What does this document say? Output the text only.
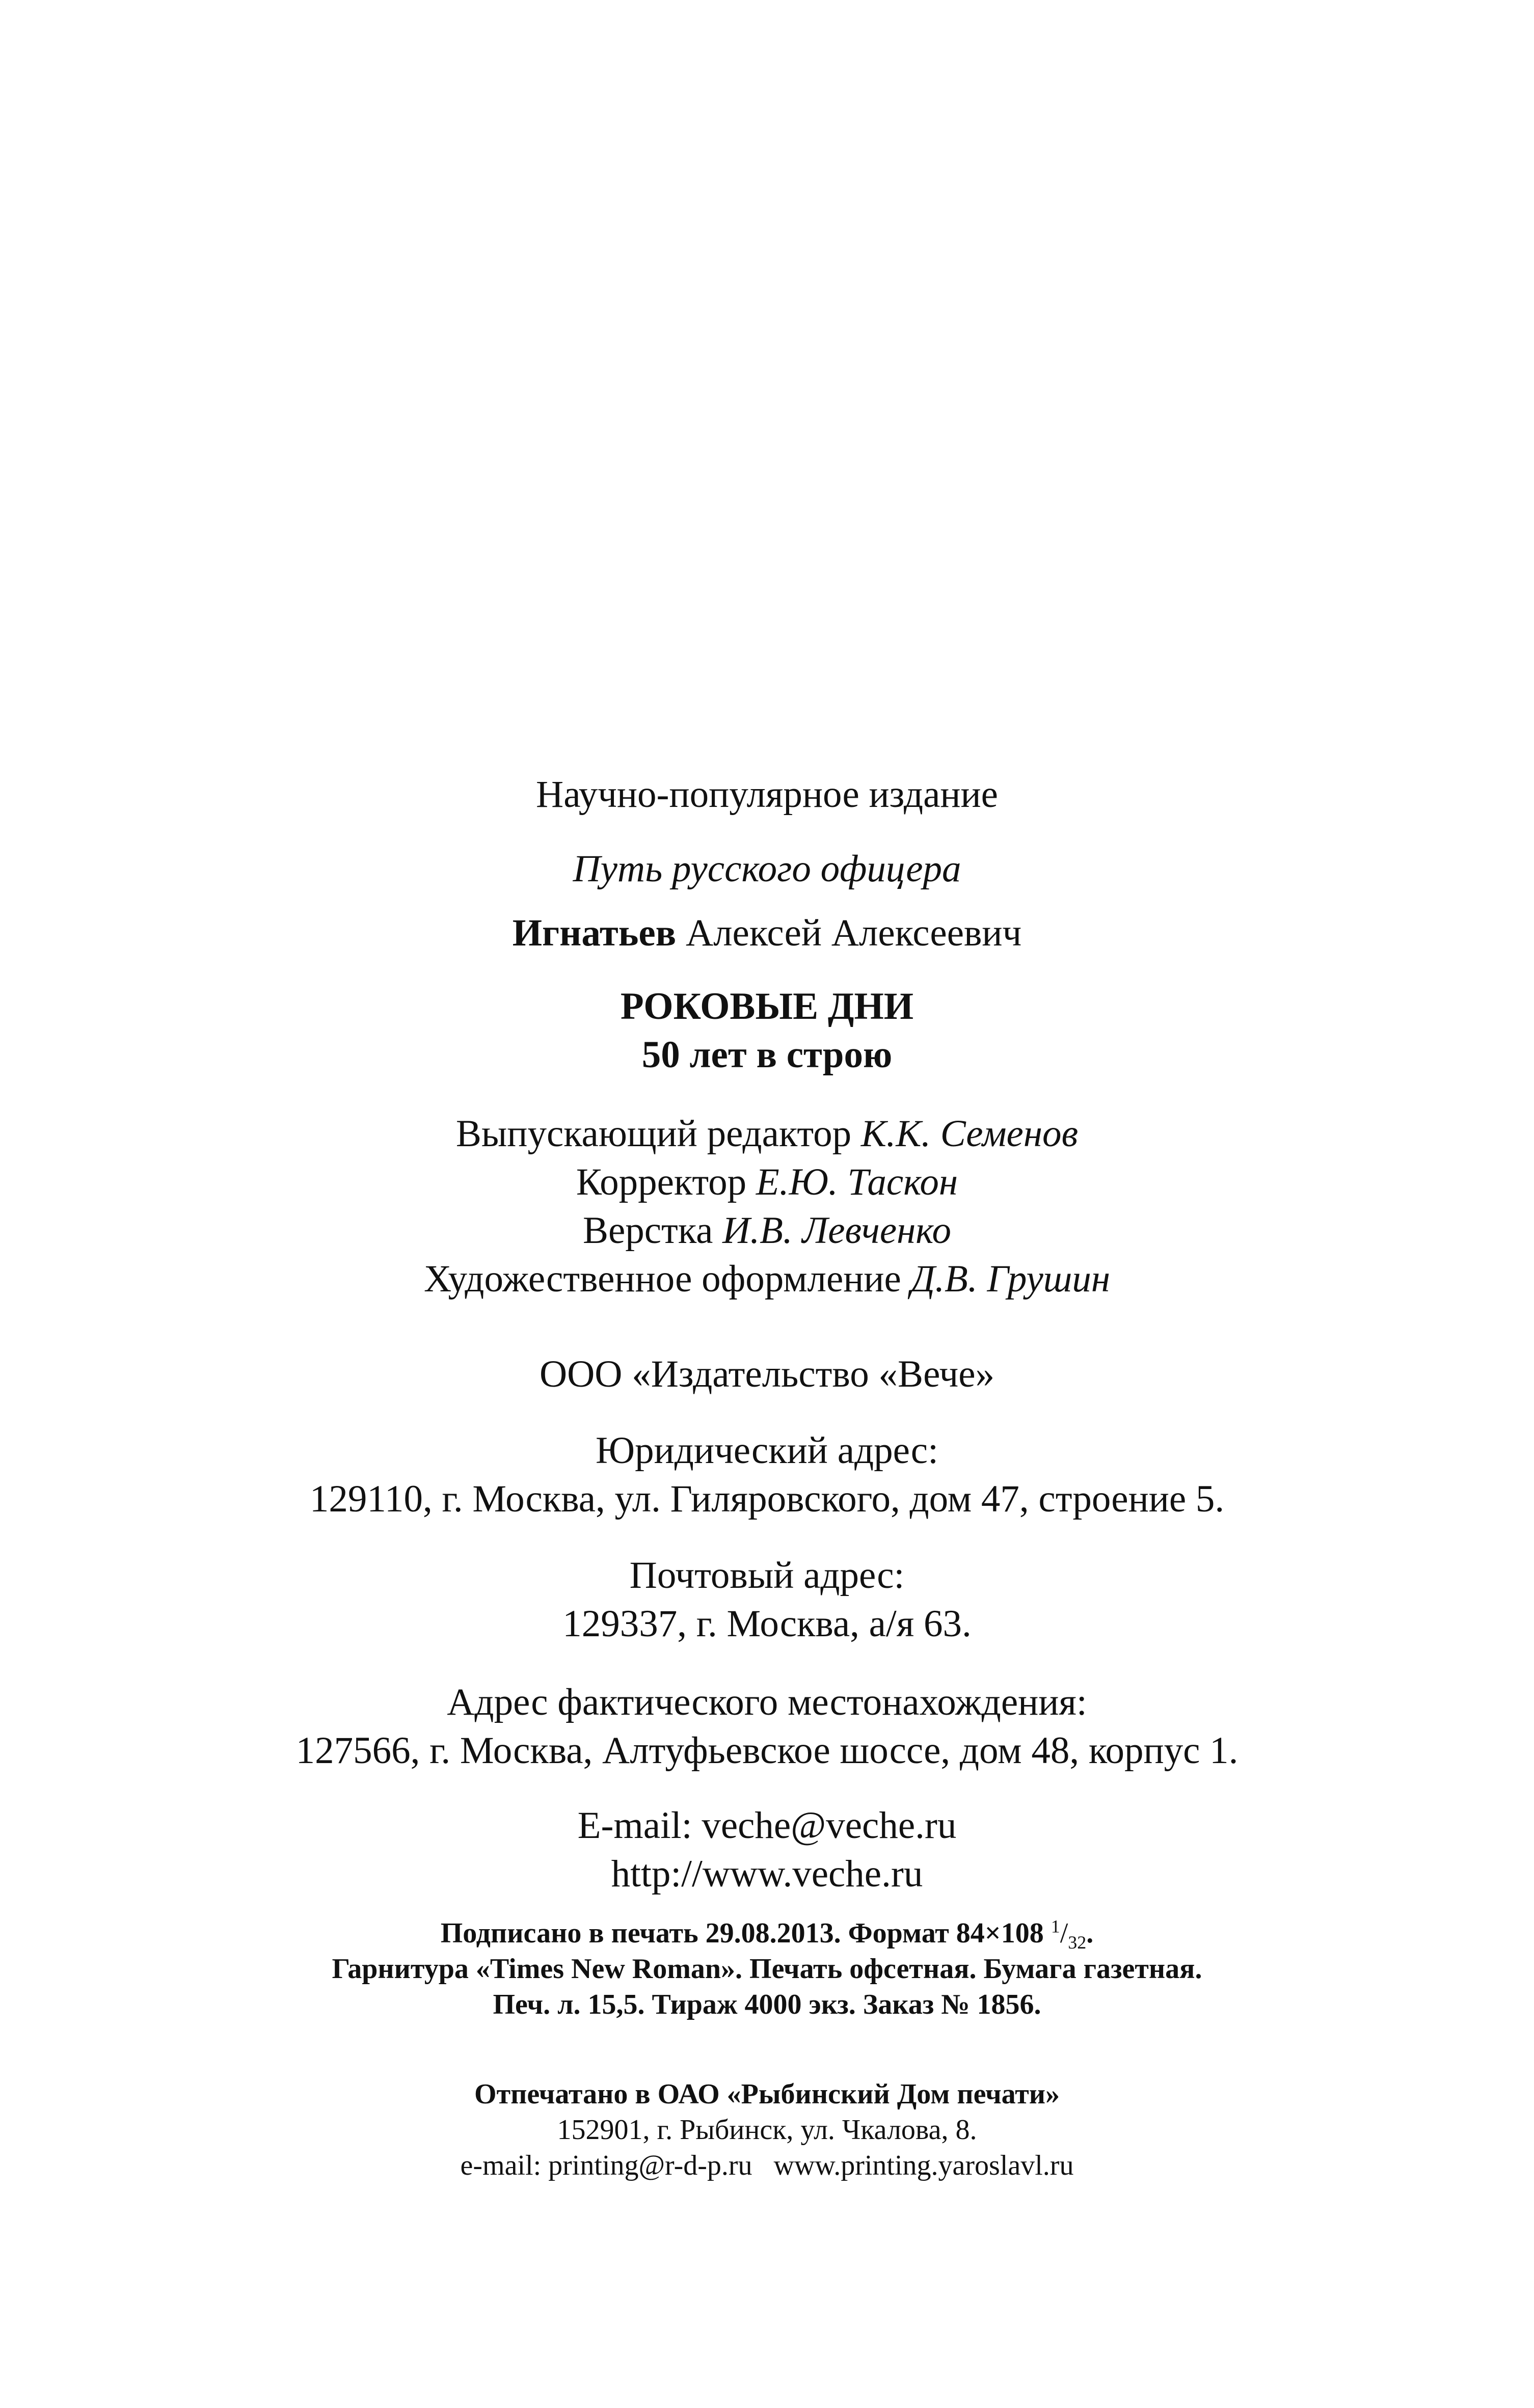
Научно-популярное издание
Путь русского офицера
Игнатьев Алексей Алексеевич
РОКОВЫЕ ДНИ
50 лет в строю
Выпускающий редактор К.К. Семенов
Корректор Е.Ю. Таскон
Верстка И.В. Левченко
Художественное оформление Д.В. Грушин
ООО «Издательство «Вече»
Юридический адрес:
129110, г. Москва, ул. Гиляровского, дом 47, строение 5.
Почтовый адрес:
129337, г. Москва, а/я 63.
Адрес фактического местонахождения:
127566, г. Москва, Алтуфьевское шоссе, дом 48, корпус 1.
E-mail: veche@veche.ru
http://www.veche.ru
Подписано в печать 29.08.2013. Формат 84×108 $^1/_{32}$.
Гарнитура «Times New Roman». Печать офсетная. Бумага газетная.
Печ. л. 15,5. Тираж 4000 экз. Заказ № 1856.
Отпечатано в ОАО «Рыбинский Дом печати»
152901, г. Рыбинск, ул. Чкалова, 8.
e-mail: printing@r-d-p.ru   www.printing.yaroslavl.ru
